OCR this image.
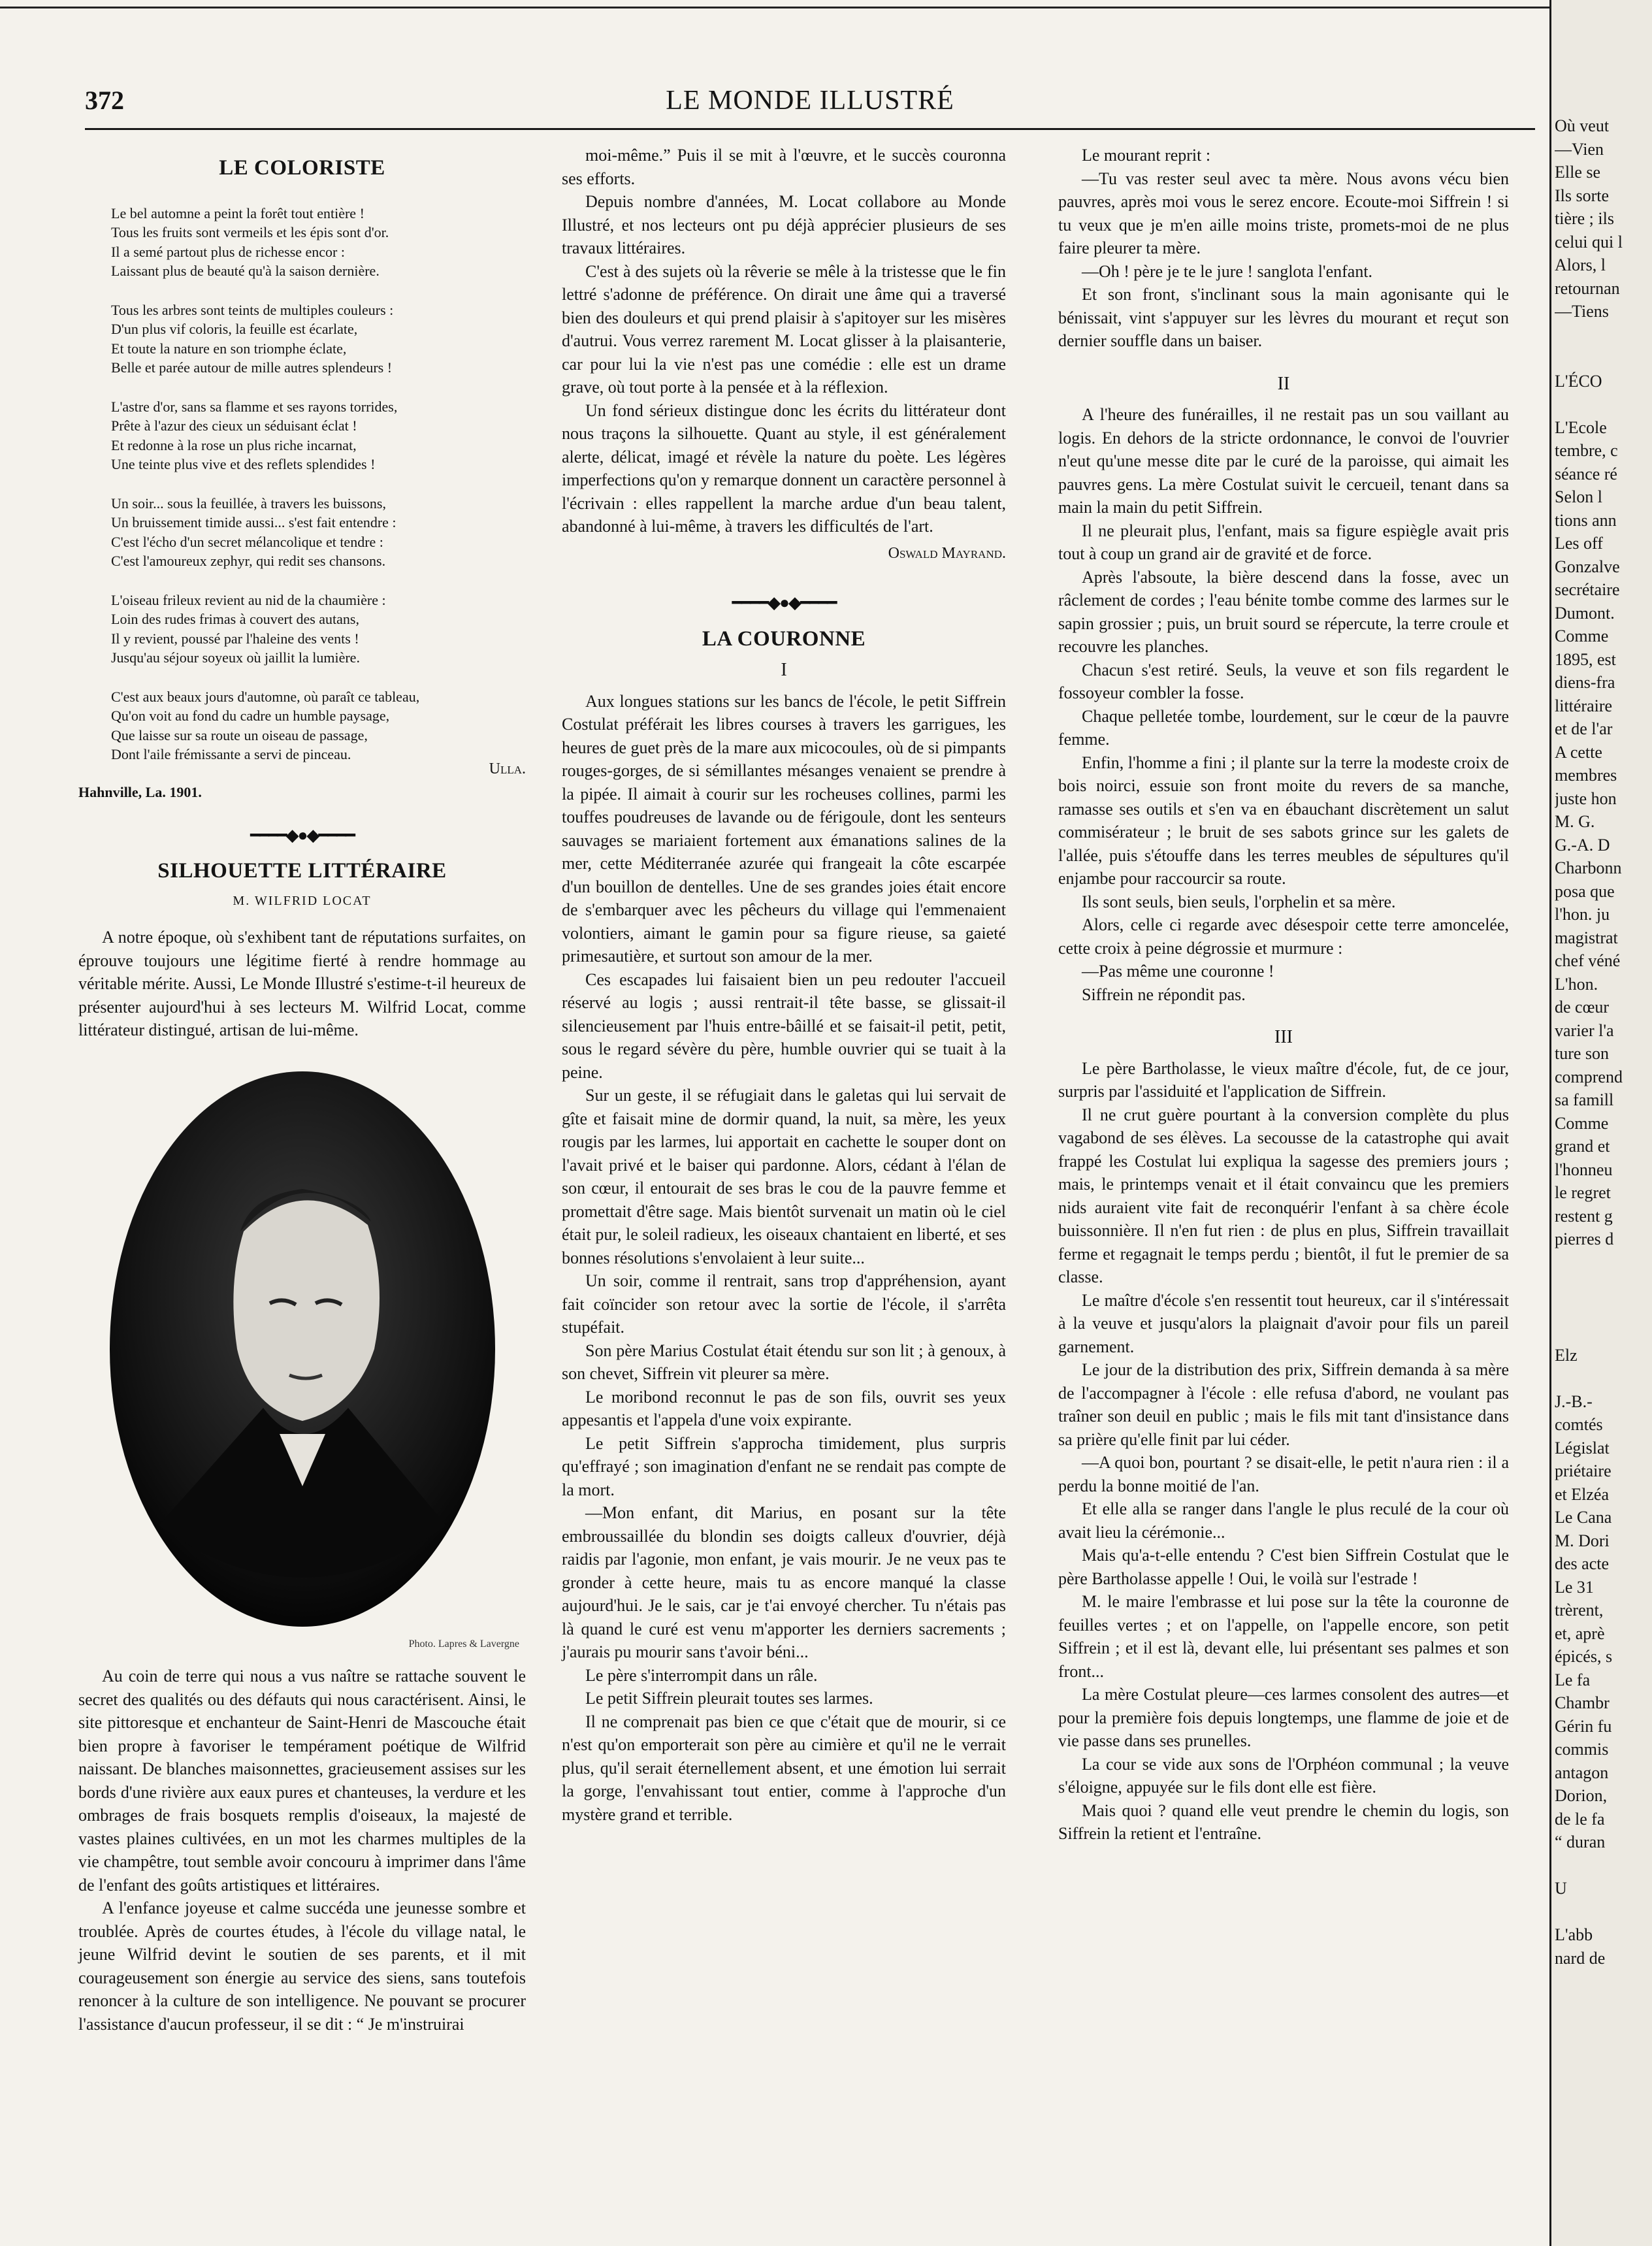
372	LE MONDE ILLUSTRÉ
LE COLORISTE
Le bel automne a peint la forêt tout entière !
Tous les fruits sont vermeils et les épis sont d'or.
Il a semé partout plus de richesse encor :
Laissant plus de beauté qu'à la saison dernière.
Tous les arbres sont teints de multiples couleurs :
D'un plus vif coloris, la feuille est écarlate,
Et toute la nature en son triomphe éclate,
Belle et parée autour de mille autres splendeurs !
L'astre d'or, sans sa flamme et ses rayons torrides,
Prête à l'azur des cieux un séduisant éclat !
Et redonne à la rose un plus riche incarnat,
Une teinte plus vive et des reflets splendides !
Un soir... sous la feuillée, à travers les buissons,
Un bruissement timide aussi... s'est fait entendre :
C'est l'écho d'un secret mélancolique et tendre :
C'est l'amoureux zephyr, qui redit ses chansons.
L'oiseau frileux revient au nid de la chaumière :
Loin des rudes frimas à couvert des autans,
Il y revient, poussé par l'haleine des vents !
Jusqu'au séjour soyeux où jaillit la lumière.
C'est aux beaux jours d'automne, où paraît ce tableau,
Qu'on voit au fond du cadre un humble paysage,
Que laisse sur sa route un oiseau de passage,
Dont l'aile frémissante a servi de pinceau.
Ulla.
Hahnville, La. 1901.
━━━━◆●◆━━━━
SILHOUETTE LITTÉRAIRE
M. WILFRID LOCAT

A notre époque, où s'exhibent tant de réputations surfaites, on éprouve toujours une légitime fierté à rendre hommage au véritable mérite. Aussi, Le Monde Illustré s'estime-t-il heureux de présenter aujourd'hui à ses lecteurs M. Wilfrid Locat, comme littérateur distingué, artisan de lui-même.

Photo. Lapres & Lavergne

Au coin de terre qui nous a vus naître se rattache souvent le secret des qualités ou des défauts qui nous caractérisent. Ainsi, le site pittoresque et enchanteur de Saint-Henri de Mascouche était bien propre à favoriser le tempérament poétique de Wilfrid naissant. De blanches maisonnettes, gracieusement assises sur les bords d'une rivière aux eaux pures et chanteuses, la verdure et les ombrages de frais bosquets remplis d'oiseaux, la majesté de vastes plaines cultivées, en un mot les charmes multiples de la vie champêtre, tout semble avoir concouru à imprimer dans l'âme de l'enfant des goûts artistiques et littéraires.

A l'enfance joyeuse et calme succéda une jeunesse sombre et troublée. Après de courtes études, à l'école du village natal, le jeune Wilfrid devint le soutien de ses parents, et il mit courageusement son énergie au service des siens, sans toutefois renoncer à la culture de son intelligence. Ne pouvant se procurer l'assistance d'aucun professeur, il se dit : “ Je m'instruirai

moi-même.” Puis il se mit à l'œuvre, et le succès couronna ses efforts.

Depuis nombre d'années, M. Locat collabore au Monde Illustré, et nos lecteurs ont pu déjà apprécier plusieurs de ses travaux littéraires.

C'est à des sujets où la rêverie se mêle à la tristesse que le fin lettré s'adonne de préférence. On dirait une âme qui a traversé bien des douleurs et qui prend plaisir à s'apitoyer sur les misères d'autrui. Vous verrez rarement M. Locat glisser à la plaisanterie, car pour lui la vie n'est pas une comédie : elle est un drame grave, où tout porte à la pensée et à la réflexion.

Un fond sérieux distingue donc les écrits du littérateur dont nous traçons la silhouette. Quant au style, il est généralement alerte, délicat, imagé et révèle la nature du poète. Les légères imperfections qu'on y remarque donnent un caractère personnel à l'écrivain : elles rappellent la marche ardue d'un beau talent, abandonné à lui-même, à travers les difficultés de l'art.

Oswald Mayrand.
━━━━◆●◆━━━━
LA COURONNE
I

Aux longues stations sur les bancs de l'école, le petit Siffrein Costulat préférait les libres courses à travers les garrigues, les heures de guet près de la mare aux micocoules, où de si pimpants rouges-gorges, de si sémillantes mésanges venaient se prendre à la pipée. Il aimait à courir sur les rocheuses collines, parmi les touffes poudreuses de lavande ou de férigoule, dont les senteurs sauvages se mariaient fortement aux émanations salines de la mer, cette Méditerranée azurée qui frangeait la côte escarpée d'un bouillon de dentelles. Une de ses grandes joies était encore de s'embarquer avec les pêcheurs du village qui l'emmenaient volontiers, aimant le gamin pour sa figure rieuse, sa gaieté primesautière, et surtout son amour de la mer.

Ces escapades lui faisaient bien un peu redouter l'accueil réservé au logis ; aussi rentrait-il tête basse, se glissait-il silencieusement par l'huis entre-bâillé et se faisait-il petit, petit, sous le regard sévère du père, humble ouvrier qui se tuait à la peine.

Sur un geste, il se réfugiait dans le galetas qui lui servait de gîte et faisait mine de dormir quand, la nuit, sa mère, les yeux rougis par les larmes, lui apportait en cachette le souper dont on l'avait privé et le baiser qui pardonne. Alors, cédant à l'élan de son cœur, il entourait de ses bras le cou de la pauvre femme et promettait d'être sage. Mais bientôt survenait un matin où le ciel était pur, le soleil radieux, les oiseaux chantaient en liberté, et ses bonnes résolutions s'envolaient à leur suite...

Un soir, comme il rentrait, sans trop d'appréhension, ayant fait coïncider son retour avec la sortie de l'école, il s'arrêta stupéfait.

Son père Marius Costulat était étendu sur son lit ; à genoux, à son chevet, Siffrein vit pleurer sa mère.

Le moribond reconnut le pas de son fils, ouvrit ses yeux appesantis et l'appela d'une voix expirante.

Le petit Siffrein s'approcha timidement, plus surpris qu'effrayé ; son imagination d'enfant ne se rendait pas compte de la mort.

—Mon enfant, dit Marius, en posant sur la tête embroussaillée du blondin ses doigts calleux d'ouvrier, déjà raidis par l'agonie, mon enfant, je vais mourir. Je ne veux pas te gronder à cette heure, mais tu as encore manqué la classe aujourd'hui. Je le sais, car je t'ai envoyé chercher. Tu n'étais pas là quand le curé est venu m'apporter les derniers sacrements ; j'aurais pu mourir sans t'avoir béni...

Le père s'interrompit dans un râle.

Le petit Siffrein pleurait toutes ses larmes.

Il ne comprenait pas bien ce que c'était que de mourir, si ce n'est qu'on emporterait son père au cimière et qu'il ne le verrait plus, qu'il serait éternellement absent, et une émotion lui serrait la gorge, l'envahissant tout entier, comme à l'approche d'un mystère grand et terrible.

Le mourant reprit :

—Tu vas rester seul avec ta mère. Nous avons vécu bien pauvres, après moi vous le serez encore. Ecoute-moi Siffrein ! si tu veux que je m'en aille moins triste, promets-moi de ne plus faire pleurer ta mère.

—Oh ! père je te le jure ! sanglota l'enfant.

Et son front, s'inclinant sous la main agonisante qui le bénissait, vint s'appuyer sur les lèvres du mourant et reçut son dernier souffle dans un baiser.

II

A l'heure des funérailles, il ne restait pas un sou vaillant au logis. En dehors de la stricte ordonnance, le convoi de l'ouvrier n'eut qu'une messe dite par le curé de la paroisse, qui aimait les pauvres gens. La mère Costulat suivit le cercueil, tenant dans sa main la main du petit Siffrein.

Il ne pleurait plus, l'enfant, mais sa figure espiègle avait pris tout à coup un grand air de gravité et de force.

Après l'absoute, la bière descend dans la fosse, avec un râclement de cordes ; l'eau bénite tombe comme des larmes sur le sapin grossier ; puis, un bruit sourd se répercute, la terre croule et recouvre les planches.

Chacun s'est retiré. Seuls, la veuve et son fils regardent le fossoyeur combler la fosse.

Chaque pelletée tombe, lourdement, sur le cœur de la pauvre femme.

Enfin, l'homme a fini ; il plante sur la terre la modeste croix de bois noirci, essuie son front moite du revers de sa manche, ramasse ses outils et s'en va en ébauchant discrètement un salut commisérateur ; le bruit de ses sabots grince sur les galets de l'allée, puis s'étouffe dans les terres meubles de sépultures qu'il enjambe pour raccourcir sa route.

Ils sont seuls, bien seuls, l'orphelin et sa mère.

Alors, celle ci regarde avec désespoir cette terre amoncelée, cette croix à peine dégrossie et murmure :

—Pas même une couronne !

Siffrein ne répondit pas.

III

Le père Bartholasse, le vieux maître d'école, fut, de ce jour, surpris par l'assiduité et l'application de Siffrein.

Il ne crut guère pourtant à la conversion complète du plus vagabond de ses élèves. La secousse de la catastrophe qui avait frappé les Costulat lui expliqua la sagesse des premiers jours ; mais, le printemps venait et il était convaincu que les premiers nids auraient vite fait de reconquérir l'enfant à sa chère école buissonnière. Il n'en fut rien : de plus en plus, Siffrein travaillait ferme et regagnait le temps perdu ; bientôt, il fut le premier de sa classe.

Le maître d'école s'en ressentit tout heureux, car il s'intéressait à la veuve et jusqu'alors la plaignait d'avoir pour fils un pareil garnement.

Le jour de la distribution des prix, Siffrein demanda à sa mère de l'accompagner à l'école : elle refusa d'abord, ne voulant pas traîner son deuil en public ; mais le fils mit tant d'insistance dans sa prière qu'elle finit par lui céder.

—A quoi bon, pourtant ? se disait-elle, le petit n'aura rien : il a perdu la bonne moitié de l'an.

Et elle alla se ranger dans l'angle le plus reculé de la cour où avait lieu la cérémonie...

Mais qu'a-t-elle entendu ? C'est bien Siffrein Costulat que le père Bartholasse appelle ! Oui, le voilà sur l'estrade !

M. le maire l'embrasse et lui pose sur la tête la couronne de feuilles vertes ; et on l'appelle, on l'appelle encore, son petit Siffrein ; et il est là, devant elle, lui présentant ses palmes et son front...

La mère Costulat pleure—ces larmes consolent des autres—et pour la première fois depuis longtemps, une flamme de joie et de vie passe dans ses prunelles.

La cour se vide aux sons de l'Orphéon communal ; la veuve s'éloigne, appuyée sur le fils dont elle est fière.

Mais quoi ? quand elle veut prendre le chemin du logis, son Siffrein la retient et l'entraîne.

Où veut
—Vien
Elle se
Ils sorte
tière ; ils
celui qui l
Alors, l
retournan
—Tiens

L'ÉCO

L'Ecole
tembre, c
séance ré
Selon l
tions ann
Les off
Gonzalve
secrétaire
Dumont.
Comme
1895, est
diens-fra
littéraire
et de l'ar
A cette
membres
juste hon
M. G.
G.-A. D
Charbonn
posa que
l'hon. ju
magistrat
chef véné
L'hon.
de cœur
varier l'a
ture son
comprend
sa famill
Comme
grand et
l'honneu
le regret
restent g
pierres d

Elz

J.-B.-
comtés
Législat
priétaire
et Elzéa
Le Cana
M. Dori
des acte
Le 31
trèrent,
et, aprè
épicés, s
Le fa
Chambr
Gérin fu
commis
antagon
Dorion,
de le fa
“ duran

U

L'abb
nard de
